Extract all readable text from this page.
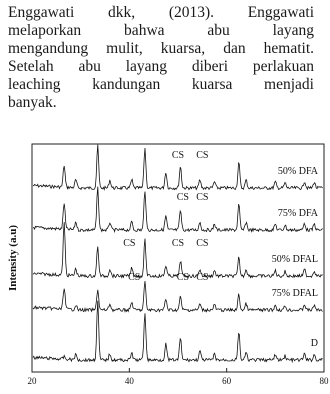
Enggawati dkk, (2013). Enggawati
melaporkan bahwa abu layang
mengandung mulit, kuarsa, dan hematit.
Setelah abu layang diberi perlakuan
leaching kandungan kuarsa menjadi
banyak.
Intensity (a.u)
20	40	60	80
50% DFA
75% DFA
50% DFAL
75% DFAL
D
CS CS
CS CS
CS	CS CS
CS	CS CS
